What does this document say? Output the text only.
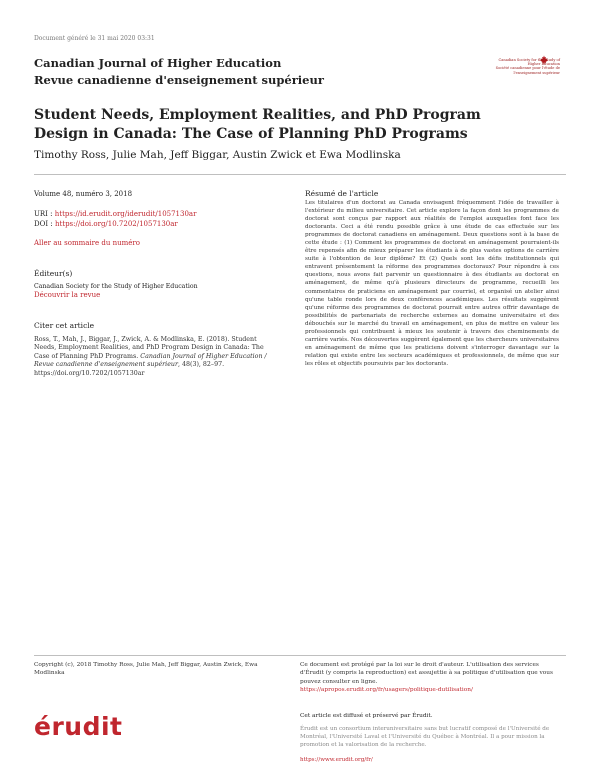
Document généré le 31 mai 2020 03:31
Canadian Journal of Higher Education
Revue canadienne d'enseignement supérieur
Canadian Society for the Study of Higher Education
Société canadienne pour l'étude de l'enseignement supérieur
Student Needs, Employment Realities, and PhD Program Design in Canada: The Case of Planning PhD Programs
Timothy Ross, Julie Mah, Jeff Biggar, Austin Zwick et Ewa Modlinska
Volume 48, numéro 3, 2018
URI : https://id.erudit.org/iderudit/1057130ar
DOI : https://doi.org/10.7202/1057130ar
Aller au sommaire du numéro
Éditeur(s)
Canadian Society for the Study of Higher Education
Découvrir la revue
Citer cet article
Ross, T., Mah, J., Biggar, J., Zwick, A. & Modlinska, E. (2018). Student Needs, Employment Realities, and PhD Program Design in Canada: The Case of Planning PhD Programs. Canadian Journal of Higher Education / Revue canadienne d'enseignement supérieur, 48(3), 82–97. https://doi.org/10.7202/1057130ar
Résumé de l'article
Les titulaires d'un doctorat au Canada envisagent fréquemment l'idée de travailler à l'extérieur du milieu universitaire. Cet article explore la façon dont les programmes de doctorat sont conçus par rapport aux réalités de l'emploi auxquelles font face les doctorants. Ceci a été rendu possible grâce à une étude de cas effectuée sur les programmes de doctorat canadiens en aménagement. Deux questions sont à la base de cette étude : (1) Comment les programmes de doctorat en aménagement pourraient-ils être repensés afin de mieux préparer les étudiants à de plus vastes options de carrière suite à l'obtention de leur diplôme? Et (2) Quels sont les défis institutionnels qui entravent présentement la réforme des programmes doctoraux? Pour répondre à ces questions, nous avons fait parvenir un questionnaire à des étudiants au doctorat en aménagement, de même qu'à plusieurs directeurs de programme, recueilli les commentaires de praticiens en aménagement par courriel, et organisé un atelier ainsi qu'une table ronde lors de deux conférences académiques. Les résultats suggèrent qu'une réforme des programmes de doctorat pourrait entre autres offrir davantage de possibilités de partenariats de recherche externes au domaine universitaire et des débouchés sur le marché du travail en aménagement, en plus de mettre en valeur les professionnels qui contribuent à mieux les soutenir à travers des cheminements de carrière variés. Nos découvertes suggèrent également que les chercheurs universitaires en aménagement de même que les praticiens doivent s'interroger davantage sur la relation qui existe entre les secteurs académiques et professionnels, de même que sur les rôles et objectifs poursuivis par les doctorants.
Copyright (c), 2018 Timothy Ross, Julie Mah, Jeff Biggar, Austin Zwick, Ewa Modlinska
Ce document est protégé par la loi sur le droit d'auteur. L'utilisation des services d'Érudit (y compris la reproduction) est assujettie à sa politique d'utilisation que vous pouvez consulter en ligne.
https://apropos.erudit.org/fr/usagers/politique-dutilisation/
érudit	Cet article est diffusé et préservé par Érudit.
Érudit est un consortium interuniversitaire sans but lucratif composé de l'Université de Montréal, l'Université Laval et l'Université du Québec à Montréal. Il a pour mission la promotion et la valorisation de la recherche.
https://www.erudit.org/fr/
